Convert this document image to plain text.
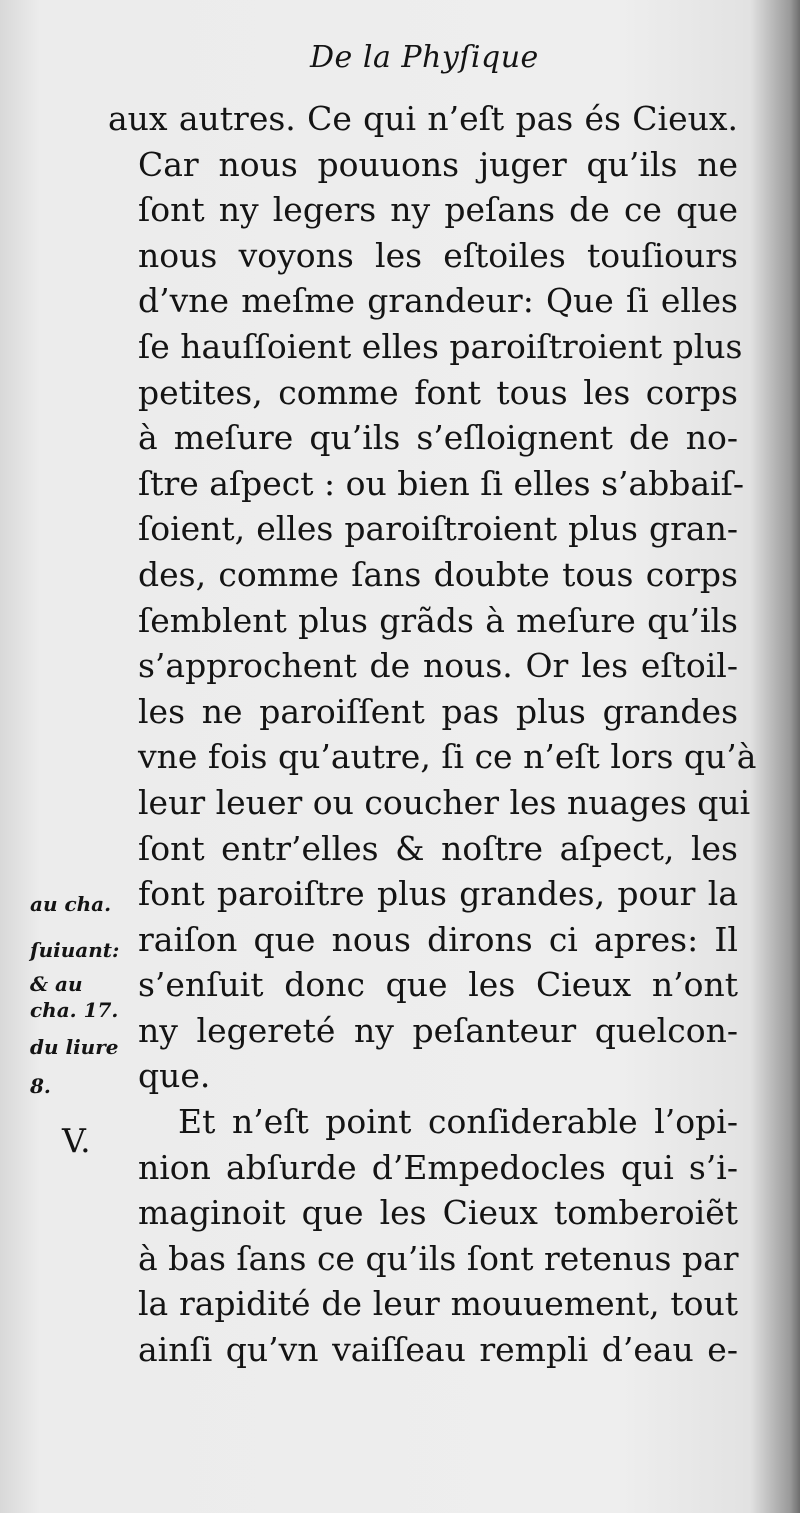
De la Phyſique
aux autres. Ce qui n’eſt pas és Cieux.
Car nous pouuons juger qu’ils ne
ſont ny legers ny peſans de ce que
nous voyons les eſtoiles touſiours
d’vne meſme grandeur: Que ſi elles
ſe hauſſoient elles paroiſtroient plus
petites, comme font tous les corps
à meſure qu’ils s’eſloignent de no-
ſtre aſpect : ou bien ſi elles s’abbaiſ-
ſoient, elles paroiſtroient plus gran-
des, comme ſans doubte tous corps
ſemblent plus grãds à meſure qu’ils
s’approchent de nous. Or les eſtoil-
les ne paroiſſent pas plus grandes
vne fois qu’autre, ſi ce n’eſt lors qu’à
leur leuer ou coucher les nuages qui
ſont entr’elles & noſtre aſpect, les
font paroiſtre plus grandes, pour la
raiſon que nous dirons ci apres: Il
s’enſuit donc que les Cieux n’ont
ny legereté ny peſanteur quelcon-
que.
Et n’eſt point conſiderable l’opi-
nion abſurde d’Empedocles qui s’i-
maginoit que les Cieux tomberoiẽt
à bas ſans ce qu’ils ſont retenus par
la rapidité de leur mouuement, tout
ainſi qu’vn vaiſſeau rempli d’eau e-
au cha.
ſuiuant:
& au
cha. 17.
du liure
8.
V.
